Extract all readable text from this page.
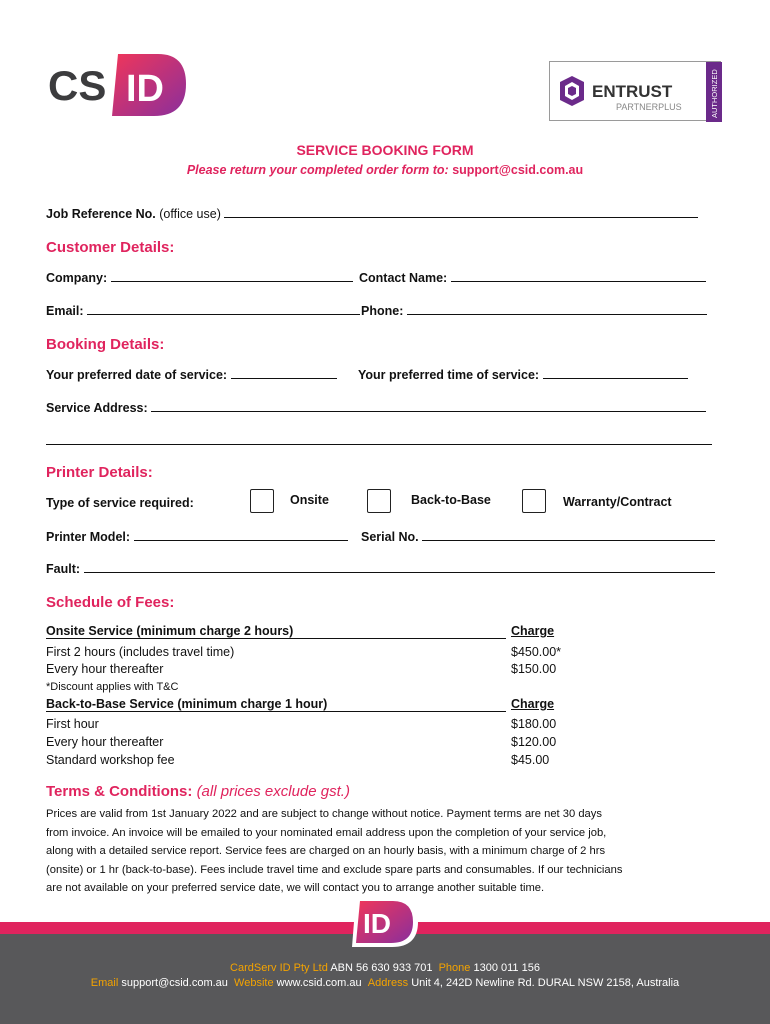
CS ID	ENTRUST
PARTNERPLUS	AUTHORIZED
SERVICE BOOKING FORM
Please return your completed order form to: support@csid.com.au
Job Reference No. (office use)
Customer Details:
Company:	Contact Name:
Email:	Phone:
Booking Details:
Your preferred date of service:	Your preferred time of service:
Service Address:
Printer Details:
Type of service required:	Onsite	Back-to-Base	Warranty/Contract
Printer Model:	Serial No.
Fault:
Schedule of Fees:
Onsite Service (minimum charge 2 hours)	Charge
First 2 hours (includes travel time)	$450.00*
Every hour thereafter	$150.00
*Discount applies with T&C
Back-to-Base Service (minimum charge 1 hour)	Charge
First hour	$180.00
Every hour thereafter	$120.00
Standard workshop fee	$45.00
Terms & Conditions: (all prices exclude gst.)
Prices are valid from 1st January 2022 and are subject to change without notice. Payment terms are net 30 days
from invoice. An invoice will be emailed to your nominated email address upon the completion of your service job,
along with a detailed service report. Service fees are charged on an hourly basis, with a minimum charge of 2 hrs
(onsite) or 1 hr (back-to-base). Fees include travel time and exclude spare parts and consumables. If our technicians
are not available on your preferred service date, we will contact you to arrange another suitable time.
ID
CardServ ID Pty Ltd ABN 56 630 933 701 Phone 1300 011 156
Email support@csid.com.au Website www.csid.com.au Address Unit 4, 242D Newline Rd. DURAL NSW 2158, Australia
